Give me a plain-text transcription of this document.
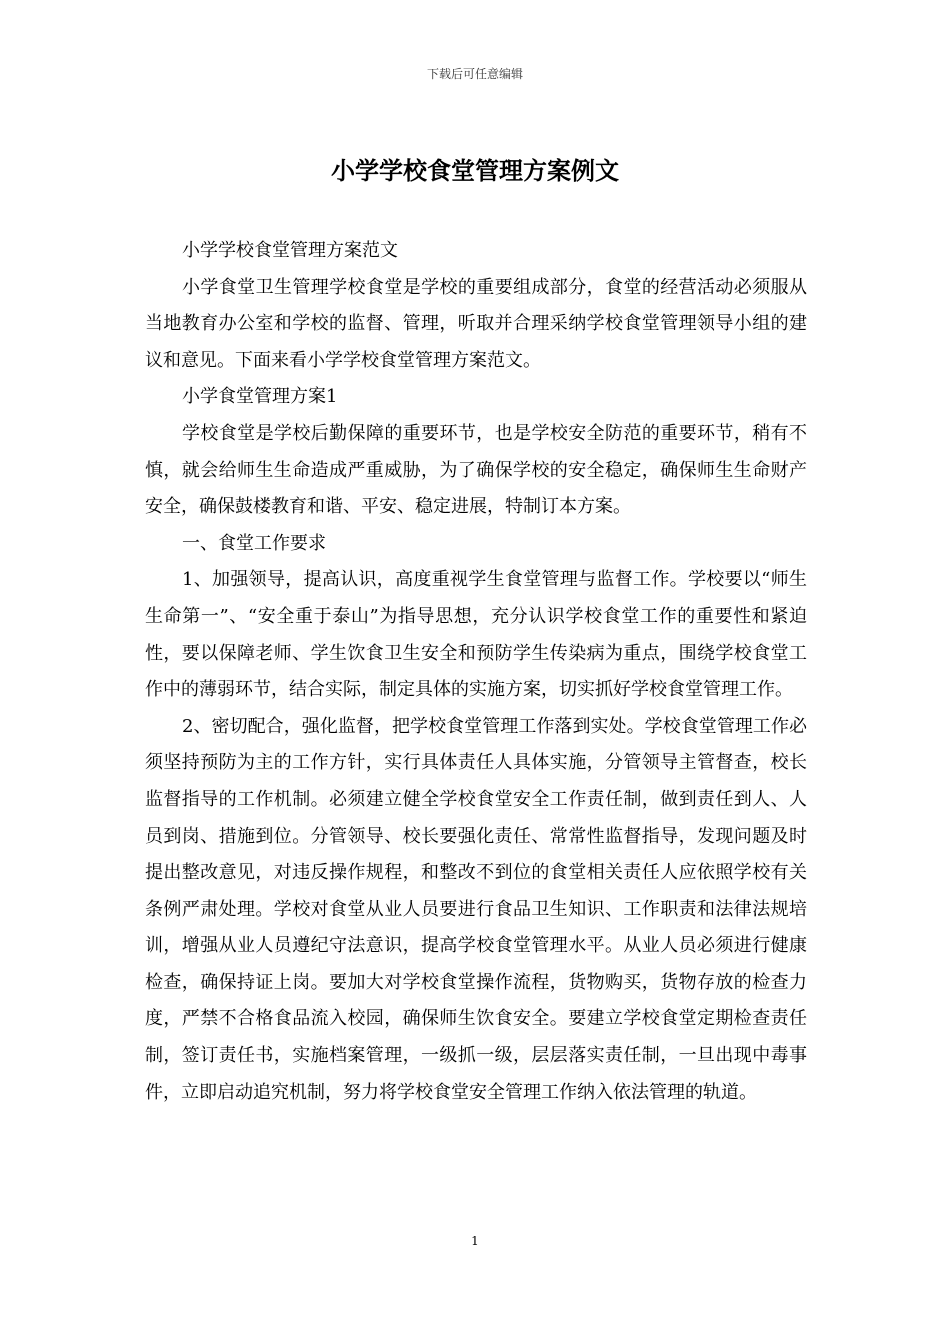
下载后可任意编辑
小学学校食堂管理方案例文

小学学校食堂管理方案范文

小学食堂卫生管理学校食堂是学校的重要组成部分，食堂的经营活动必须服从当地教育办公室和学校的监督、管理，听取并合理采纳学校食堂管理领导小组的建议和意见。下面来看小学学校食堂管理方案范文。

小学食堂管理方案1

学校食堂是学校后勤保障的重要环节，也是学校安全防范的重要环节，稍有不慎，就会给师生生命造成严重威胁，为了确保学校的安全稳定，确保师生生命财产安全，确保鼓楼教育和谐、平安、稳定进展，特制订本方案。

一、食堂工作要求

1、加强领导，提高认识，高度重视学生食堂管理与监督工作。学校要以“师生生命第一”、“安全重于泰山”为指导思想，充分认识学校食堂工作的重要性和紧迫性，要以保障老师、学生饮食卫生安全和预防学生传染病为重点，围绕学校食堂工作中的薄弱环节，结合实际，制定具体的实施方案，切实抓好学校食堂管理工作。

2、密切配合，强化监督，把学校食堂管理工作落到实处。学校食堂管理工作必须坚持预防为主的工作方针，实行具体责任人具体实施，分管领导主管督查，校长监督指导的工作机制。必须建立健全学校食堂安全工作责任制，做到责任到人、人员到岗、措施到位。分管领导、校长要强化责任、常常性监督指导，发现问题及时提出整改意见，对违反操作规程，和整改不到位的食堂相关责任人应依照学校有关条例严肃处理。学校对食堂从业人员要进行食品卫生知识、工作职责和法律法规培训，增强从业人员遵纪守法意识，提高学校食堂管理水平。从业人员必须进行健康检查，确保持证上岗。要加大对学校食堂操作流程，货物购买，货物存放的检查力度，严禁不合格食品流入校园，确保师生饮食安全。要建立学校食堂定期检查责任制，签订责任书，实施档案管理，一级抓一级，层层落实责任制，一旦出现中毒事件，立即启动追究机制，努力将学校食堂安全管理工作纳入依法管理的轨道。

1
